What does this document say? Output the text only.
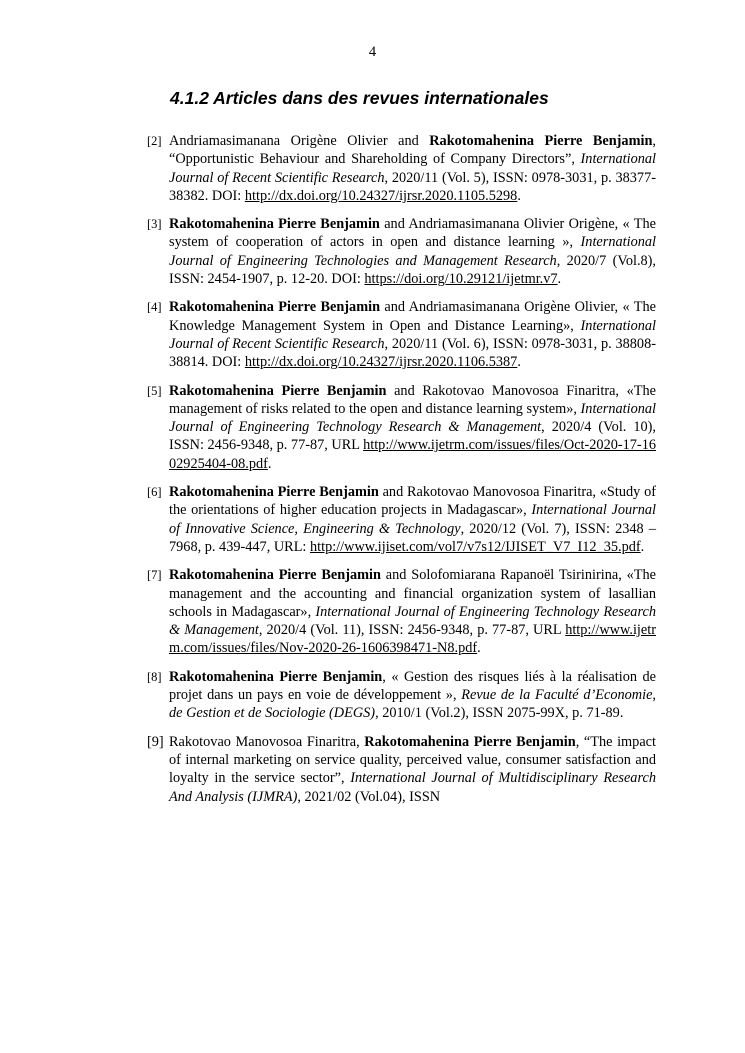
4
4.1.2 Articles dans des revues internationales
[2] Andriamasimanana Origène Olivier and Rakotomahenina Pierre Benjamin, “Opportunistic Behaviour and Shareholding of Company Directors”, International Journal of Recent Scientific Research, 2020/11 (Vol. 5), ISSN: 0978-3031, p. 38377-38382. DOI: http://dx.doi.org/10.24327/ijrsr.2020.1105.5298.
[3] Rakotomahenina Pierre Benjamin and Andriamasimanana Olivier Origène, « The system of cooperation of actors in open and distance learning », International Journal of Engineering Technologies and Management Research, 2020/7 (Vol.8), ISSN: 2454-1907, p. 12-20. DOI: https://doi.org/10.29121/ijetmr.v7.
[4] Rakotomahenina Pierre Benjamin and Andriamasimanana Origène Olivier, « The Knowledge Management System in Open and Distance Learning», International Journal of Recent Scientific Research, 2020/11 (Vol. 6), ISSN: 0978-3031, p. 38808-38814. DOI: http://dx.doi.org/10.24327/ijrsr.2020.1106.5387.
[5] Rakotomahenina Pierre Benjamin and Rakotovao Manovosoa Finaritra, «The management of risks related to the open and distance learning system», International Journal of Engineering Technology Research & Management, 2020/4 (Vol. 10), ISSN: 2456-9348, p. 77-87, URL http://www.ijetrm.com/issues/files/Oct-2020-17-1602925404-08.pdf.
[6] Rakotomahenina Pierre Benjamin and Rakotovao Manovosoa Finaritra, «Study of the orientations of higher education projects in Madagascar», International Journal of Innovative Science, Engineering & Technology, 2020/12 (Vol. 7), ISSN: 2348 – 7968, p. 439-447, URL: http://www.ijiset.com/vol7/v7s12/IJISET_V7_I12_35.pdf.
[7] Rakotomahenina Pierre Benjamin and Solofomiarana Rapanoël Tsirinirina, «The management and the accounting and financial organization system of lasallian schools in Madagascar», International Journal of Engineering Technology Research & Management, 2020/4 (Vol. 11), ISSN: 2456-9348, p. 77-87, URL http://www.ijetrm.com/issues/files/Nov-2020-26-1606398471-N8.pdf.
[8] Rakotomahenina Pierre Benjamin, « Gestion des risques liés à la réalisation de projet dans un pays en voie de développement », Revue de la Faculté d’Economie, de Gestion et de Sociologie (DEGS), 2010/1 (Vol.2), ISSN 2075-99X, p. 71-89.
[9] Rakotovao Manovosoa Finaritra, Rakotomahenina Pierre Benjamin, “The impact of internal marketing on service quality, perceived value, consumer satisfaction and loyalty in the service sector”, International Journal of Multidisciplinary Research And Analysis (IJMRA), 2021/02 (Vol.04), ISSN
